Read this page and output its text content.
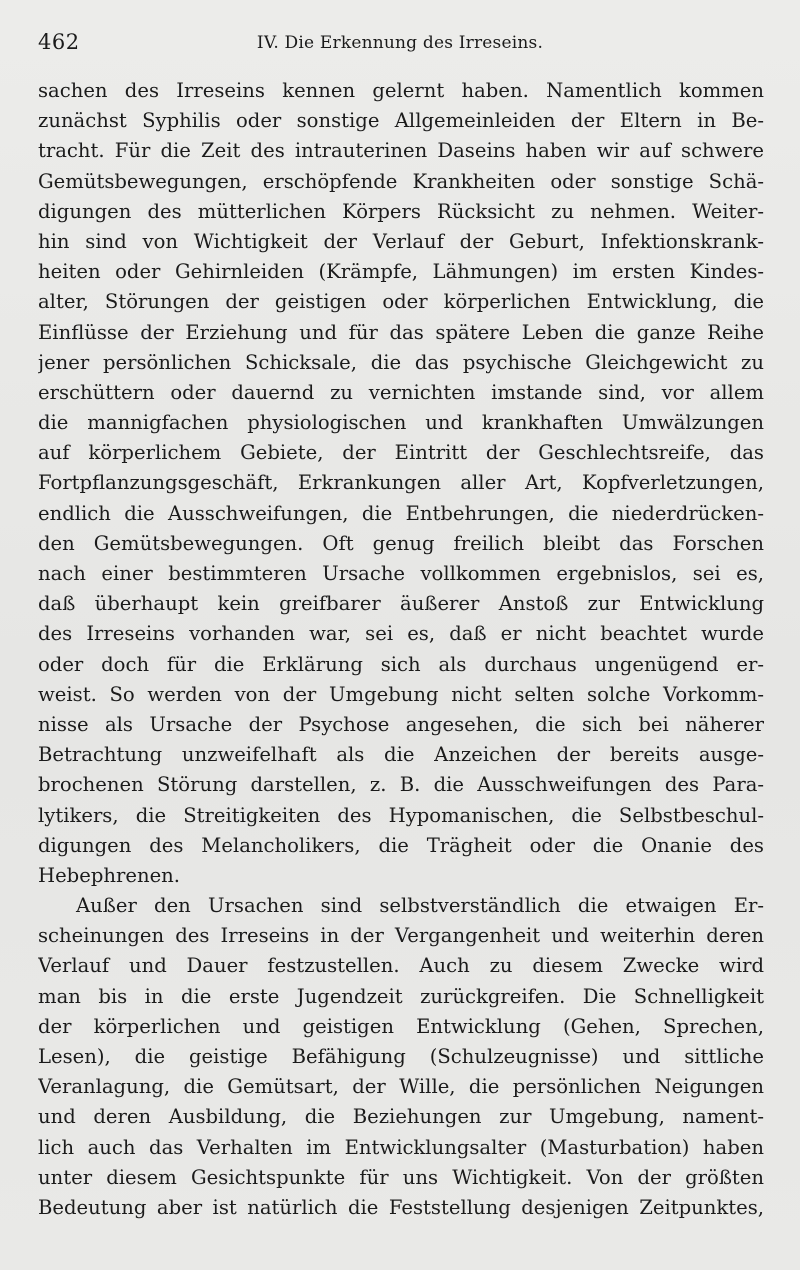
462	IV. Die Erkennung des Irreseins.
sachen des Irreseins kennen gelernt haben. Namentlich kommen
zunächst Syphilis oder sonstige Allgemeinleiden der Eltern in Be-
tracht. Für die Zeit des intrauterinen Daseins haben wir auf schwere
Gemütsbewegungen, erschöpfende Krankheiten oder sonstige Schä-
digungen des mütterlichen Körpers Rücksicht zu nehmen. Weiter-
hin sind von Wichtigkeit der Verlauf der Geburt, Infektionskrank-
heiten oder Gehirnleiden (Krämpfe, Lähmungen) im ersten Kindes-
alter, Störungen der geistigen oder körperlichen Entwicklung, die
Einflüsse der Erziehung und für das spätere Leben die ganze Reihe
jener persönlichen Schicksale, die das psychische Gleichgewicht zu
erschüttern oder dauernd zu vernichten imstande sind, vor allem
die mannigfachen physiologischen und krankhaften Umwälzungen
auf körperlichem Gebiete, der Eintritt der Geschlechtsreife, das
Fortpflanzungsgeschäft, Erkrankungen aller Art, Kopfverletzungen,
endlich die Ausschweifungen, die Entbehrungen, die niederdrücken-
den Gemütsbewegungen. Oft genug freilich bleibt das Forschen
nach einer bestimmteren Ursache vollkommen ergebnislos, sei es,
daß überhaupt kein greifbarer äußerer Anstoß zur Entwicklung
des Irreseins vorhanden war, sei es, daß er nicht beachtet wurde
oder doch für die Erklärung sich als durchaus ungenügend er-
weist. So werden von der Umgebung nicht selten solche Vorkomm-
nisse als Ursache der Psychose angesehen, die sich bei näherer
Betrachtung unzweifelhaft als die Anzeichen der bereits ausge-
brochenen Störung darstellen, z. B. die Ausschweifungen des Para-
lytikers, die Streitigkeiten des Hypomanischen, die Selbstbeschul-
digungen des Melancholikers, die Trägheit oder die Onanie des
Hebephrenen.
Außer den Ursachen sind selbstverständlich die etwaigen Er-
scheinungen des Irreseins in der Vergangenheit und weiterhin deren
Verlauf und Dauer festzustellen. Auch zu diesem Zwecke wird
man bis in die erste Jugendzeit zurückgreifen. Die Schnelligkeit
der körperlichen und geistigen Entwicklung (Gehen, Sprechen,
Lesen), die geistige Befähigung (Schulzeugnisse) und sittliche
Veranlagung, die Gemütsart, der Wille, die persönlichen Neigungen
und deren Ausbildung, die Beziehungen zur Umgebung, nament-
lich auch das Verhalten im Entwicklungsalter (Masturbation) haben
unter diesem Gesichtspunkte für uns Wichtigkeit. Von der größten
Bedeutung aber ist natürlich die Feststellung desjenigen Zeitpunktes,
